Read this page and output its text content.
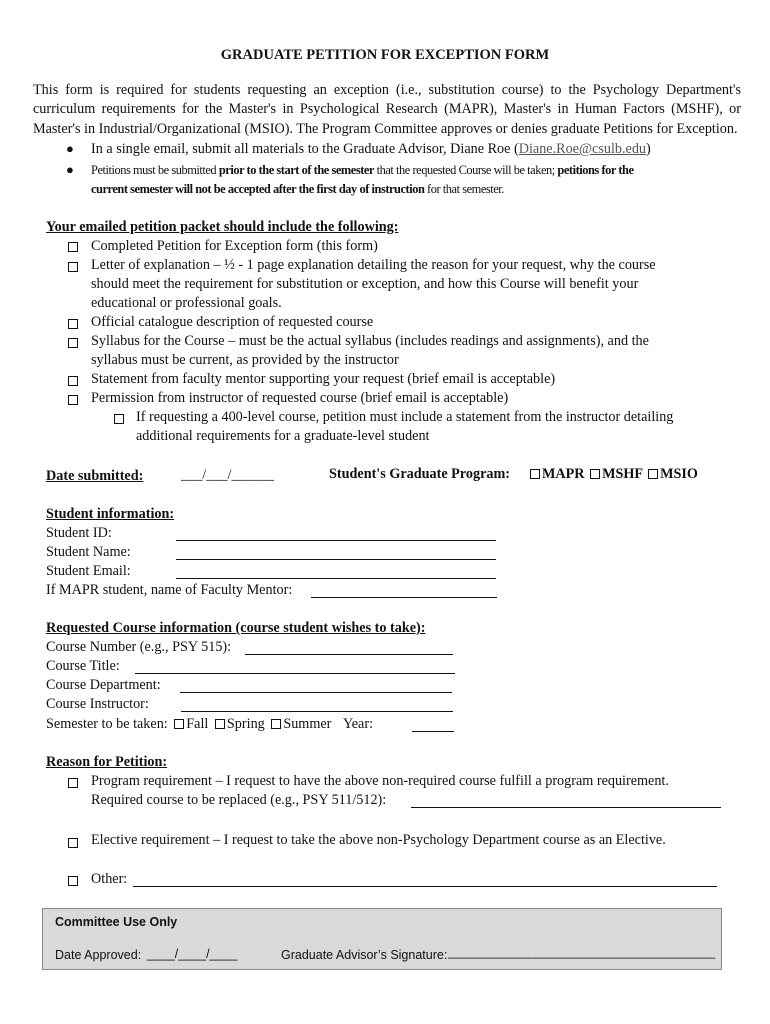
GRADUATE PETITION FOR EXCEPTION FORM
This form is required for students requesting an exception (i.e., substitution course) to the Psychology Department's curriculum requirements for the Master's in Psychological Research (MAPR), Master's in Human Factors (MSHF), or Master's in Industrial/Organizational (MSIO). The Program Committee approves or denies graduate Petitions for Exception.
● In a single email, submit all materials to the Graduate Advisor, Diane Roe (Diane.Roe@csulb.edu)
● Petitions must be submitted prior to the start of the semester that the requested Course will be taken; petitions for the
current semester will not be accepted after the first day of instruction for that semester.
Your emailed petition packet should include the following:
Completed Petition for Exception form (this form)
Letter of explanation – ½ - 1 page explanation detailing the reason for your request, why the course
should meet the requirement for substitution or exception, and how this Course will benefit your
educational or professional goals.
Official catalogue description of requested course
Syllabus for the Course – must be the actual syllabus (includes readings and assignments), and the
syllabus must be current, as provided by the instructor
Statement from faculty mentor supporting your request (brief email is acceptable)
Permission from instructor of requested course (brief email is acceptable)
If requesting a 400-level course, petition must include a statement from the instructor detailing
additional requirements for a graduate-level student
Date submitted:	___/___/______	Student's Graduate Program:	MAPR MSHF MSIO
Student information:
Student ID:
Student Name:
Student Email:
If MAPR student, name of Faculty Mentor:
Requested Course information (course student wishes to take):
Course Number (e.g., PSY 515):
Course Title:
Course Department:
Course Instructor:
Semester to be taken: Fall Spring Summer Year:
Reason for Petition:
Program requirement – I request to have the above non-required course fulfill a program requirement.
Required course to be replaced (e.g., PSY 511/512):
Elective requirement – I request to take the above non-Psychology Department course as an Elective.
Other:
Committee Use Only
Date Approved: ____/____/____	Graduate Advisor’s Signature: ______________________________________________
